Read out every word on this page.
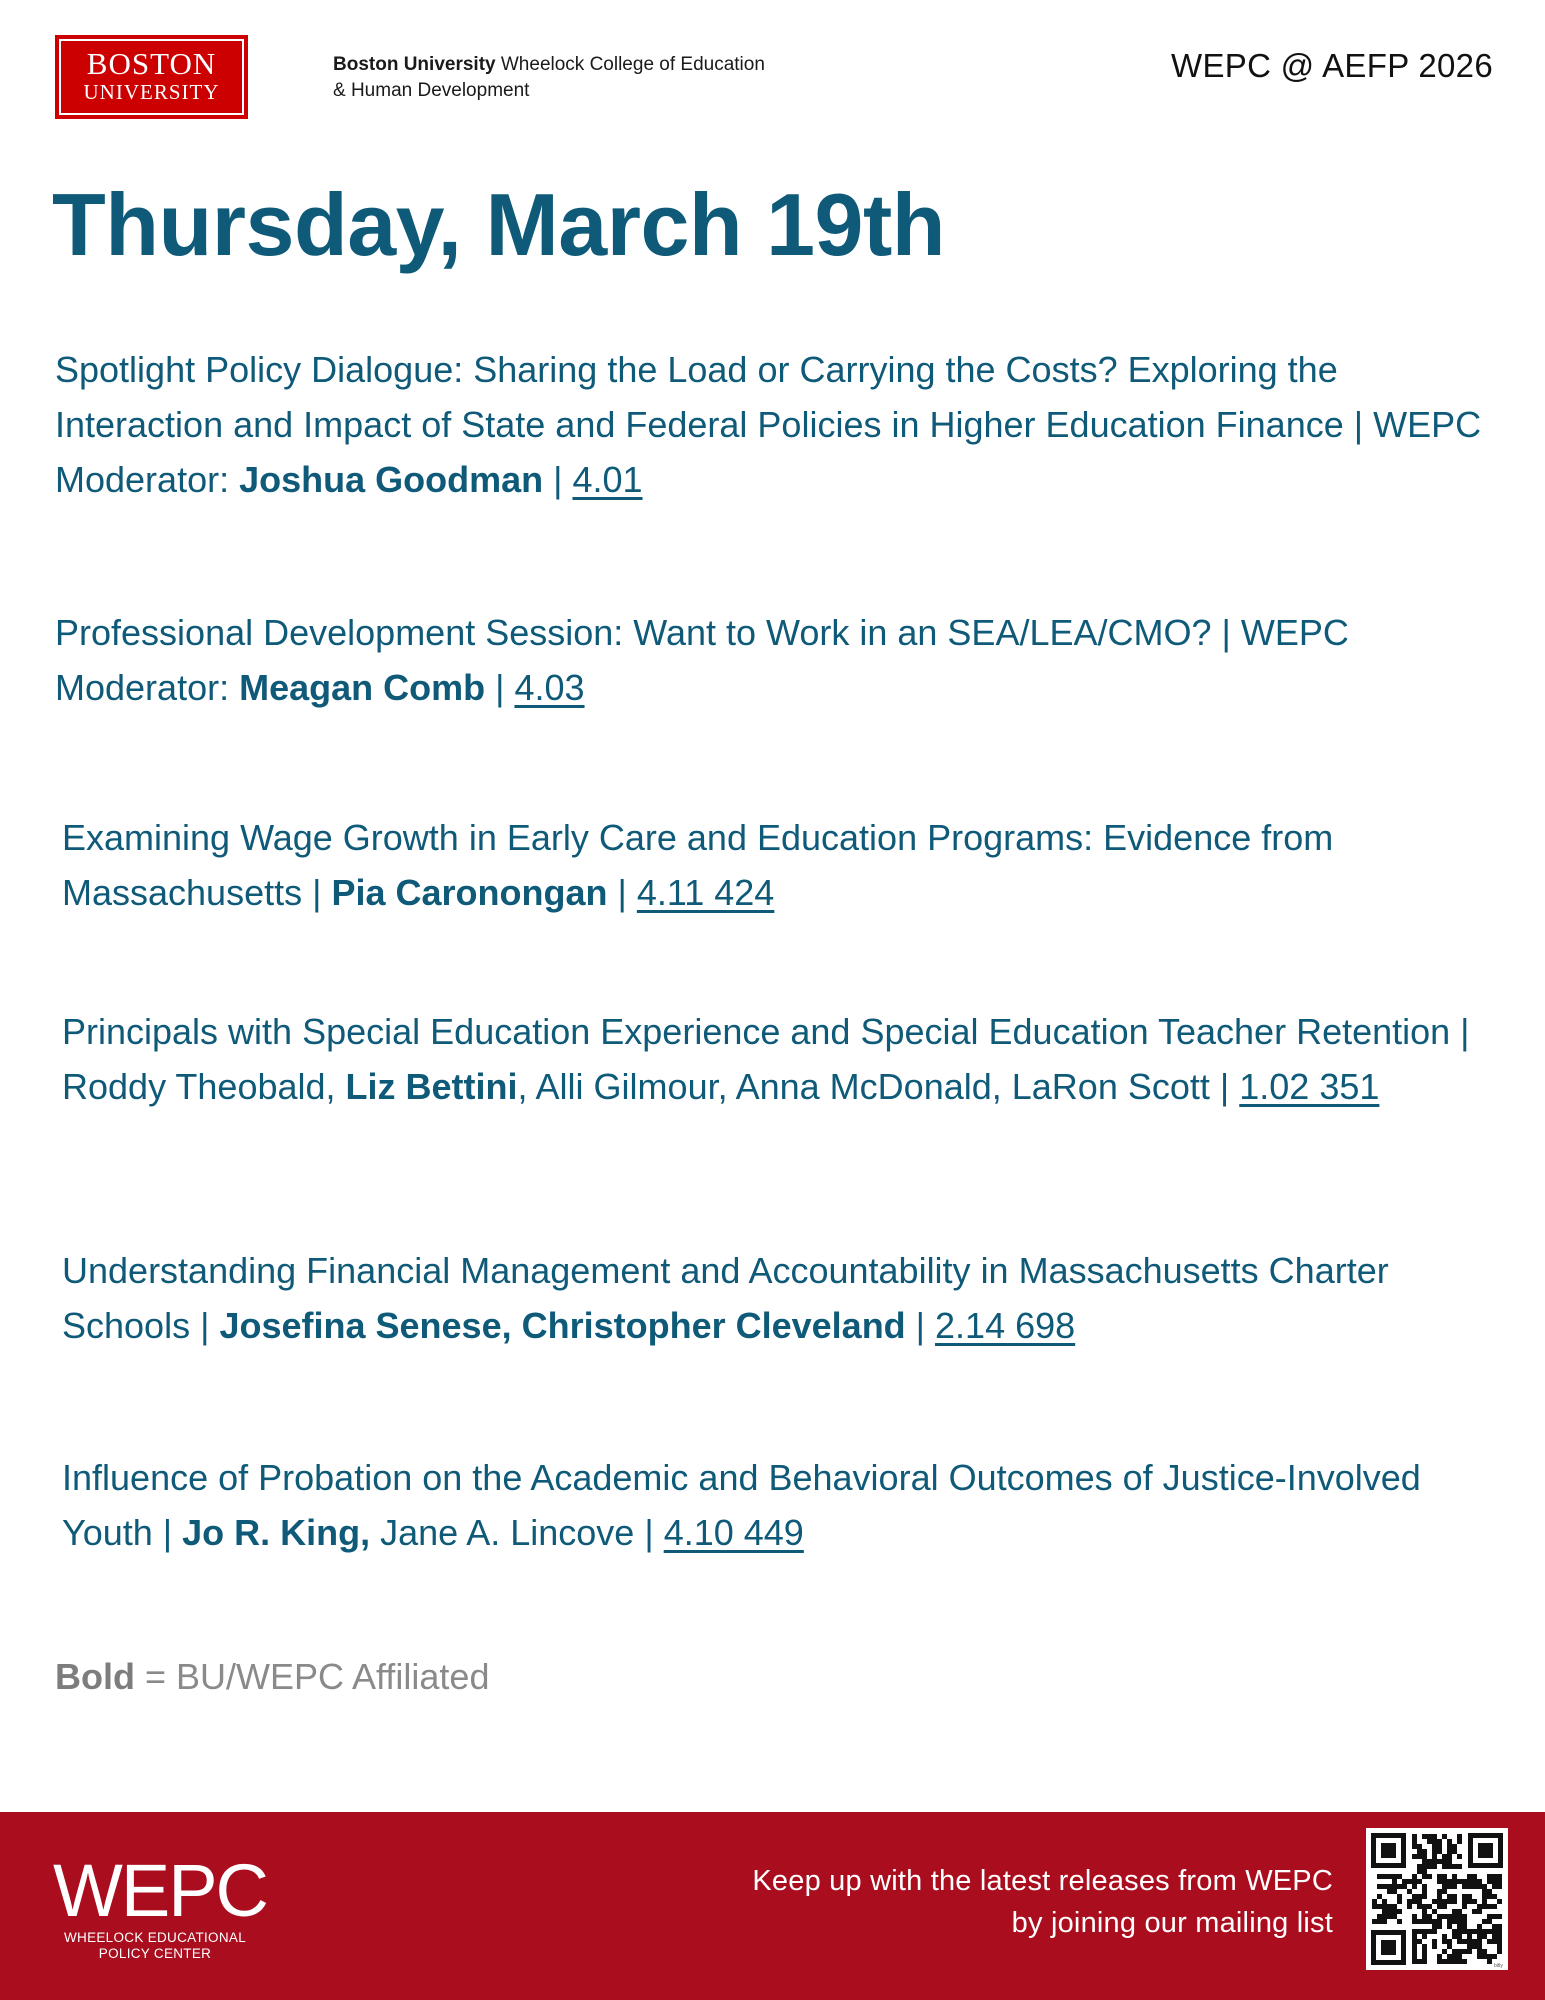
BOSTON
UNIVERSITY
Boston University Wheelock College of Education
& Human Development
WEPC @ AEFP 2026
Thursday, March 19th
Spotlight Policy Dialogue: Sharing the Load or Carrying the Costs? Exploring the Interaction and Impact of State and Federal Policies in Higher Education Finance | WEPC Moderator: Joshua Goodman | 4.01
Professional Development Session: Want to Work in an SEA/LEA/CMO? | WEPC Moderator: Meagan Comb | 4.03
Examining Wage Growth in Early Care and Education Programs: Evidence from Massachusetts | Pia Caronongan | 4.11 424
Principals with Special Education Experience and Special Education Teacher Retention | Roddy Theobald, Liz Bettini, Alli Gilmour, Anna McDonald, LaRon Scott | 1.02 351
Understanding Financial Management and Accountability in Massachusetts Charter Schools | Josefina Senese, Christopher Cleveland | 2.14 698
Influence of Probation on the Academic and Behavioral Outcomes of Justice-Involved Youth | Jo R. King, Jane A. Lincove | 4.10 449
Bold = BU/WEPC Affiliated
WEPC
WHEELOCK EDUCATIONAL
POLICY CENTER
Keep up with the latest releases from WEPC
by joining our mailing list
bitly
